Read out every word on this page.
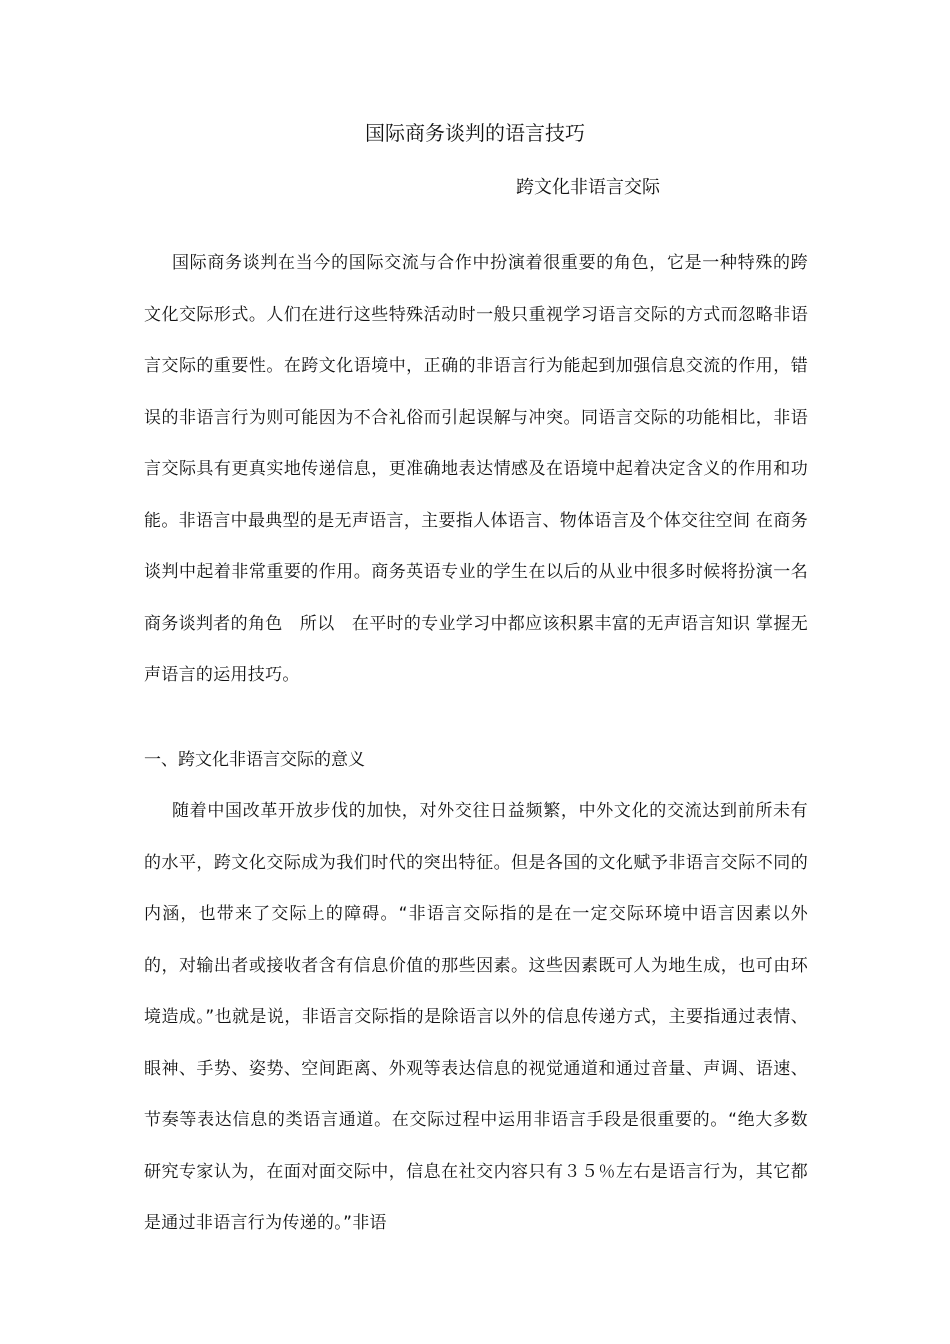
国际商务谈判的语言技巧

跨文化非语言交际

国际商务谈判在当今的国际交流与合作中扮演着很重要的角色，它是一种特殊的跨文化交际形式。人们在进行这些特殊活动时一般只重视学习语言交际的方式而忽略非语言交际的重要性。在跨文化语境中，正确的非语言行为能起到加强信息交流的作用，错误的非语言行为则可能因为不合礼俗而引起误解与冲突。同语言交际的功能相比，非语言交际具有更真实地传递信息，更准确地表达情感及在语境中起着决定含义的作用和功能。非语言中最典型的是无声语言，主要指人体语言、物体语言及个体交往空间 在商务谈判中起着非常重要的作用。商务英语专业的学生在以后的从业中很多时候将扮演一名商务谈判者的角色　所以　在平时的专业学习中都应该积累丰富的无声语言知识 掌握无声语言的运用技巧。

一、跨文化非语言交际的意义

随着中国改革开放步伐的加快，对外交往日益频繁，中外文化的交流达到前所未有的水平，跨文化交际成为我们时代的突出特征。但是各国的文化赋予非语言交际不同的内涵，也带来了交际上的障碍。“非语言交际指的是在一定交际环境中语言因素以外的，对输出者或接收者含有信息价值的那些因素。这些因素既可人为地生成，也可由环境造成。”也就是说，非语言交际指的是除语言以外的信息传递方式，主要指通过表情、眼神、手势、姿势、空间距离、外观等表达信息的视觉通道和通过音量、声调、语速、节奏等表达信息的类语言通道。在交际过程中运用非语言手段是很重要的。“绝大多数研究专家认为，在面对面交际中，信息在社交内容只有３５％左右是语言行为，其它都是通过非语言行为传递的。”非语
